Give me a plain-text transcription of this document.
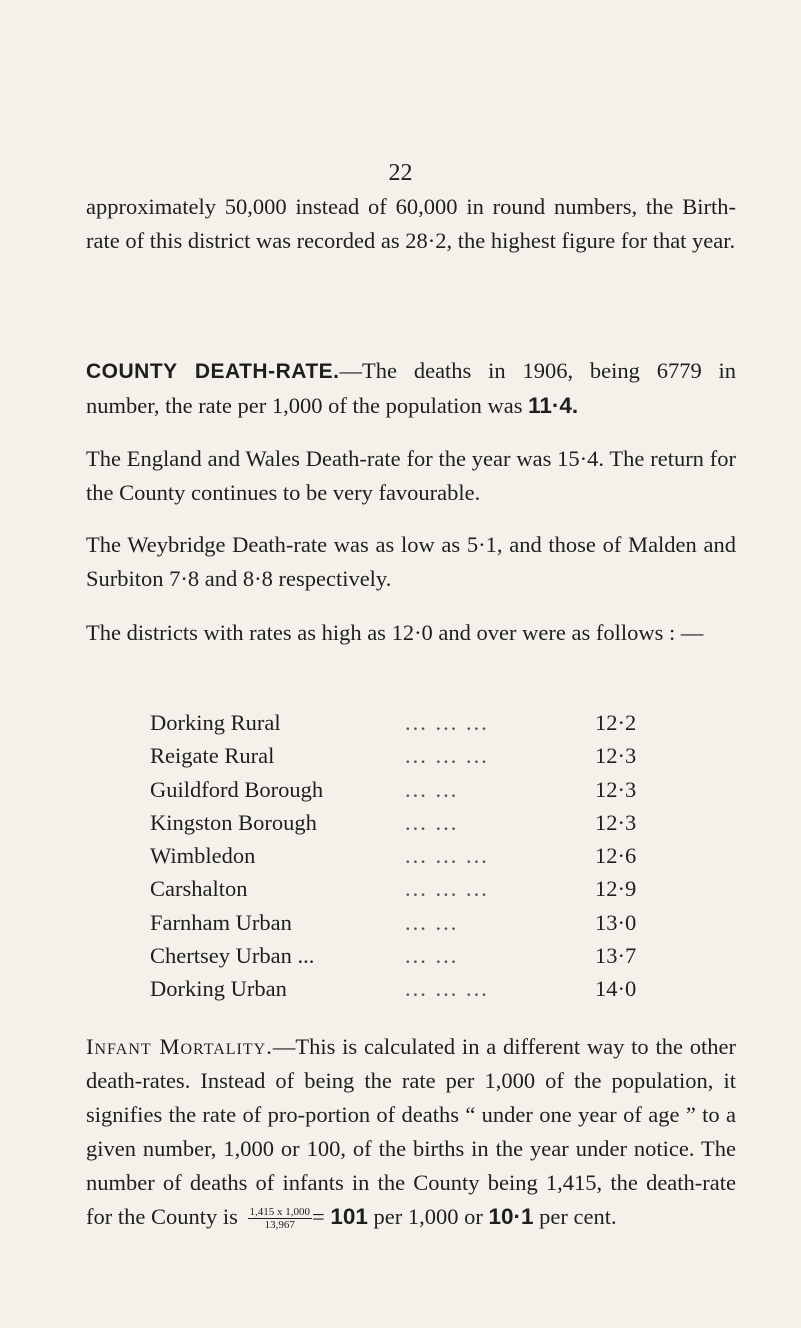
22
approximately 50,000 instead of 60,000 in round numbers, the Birth-rate of this district was recorded as 28·2, the highest figure for that year.
COUNTY DEATH-RATE.—The deaths in 1906, being 6779 in number, the rate per 1,000 of the population was 11·4.
The England and Wales Death-rate for the year was 15·4. The return for the County continues to be very favourable.
The Weybridge Death-rate was as low as 5·1, and those of Malden and Surbiton 7·8 and 8·8 respectively.
The districts with rates as high as 12·0 and over were as follows : —
Dorking Rural	... ... ...	12·2
Reigate Rural	... ... ...	12·3
Guildford Borough	... ...	12·3
Kingston Borough	... ...	12·3
Wimbledon	... ... ...	12·6
Carshalton	... ... ...	12·9
Farnham Urban	... ...	13·0
Chertsey Urban ...	... ...	13·7
Dorking Urban	... ... ...	14·0
Infant Mortality.—This is calculated in a different way to the other death-rates. Instead of being the rate per 1,000 of the population, it signifies the rate of pro-portion of deaths “ under one year of age ” to a given number, 1,000 or 100, of the births in the year under notice. The number of deaths of infants in the County being 1,415, the death-rate for the County is $\frac{1,415 x 1,000}{13,967} = 101$ per 1,000 or 10·1 per cent.
